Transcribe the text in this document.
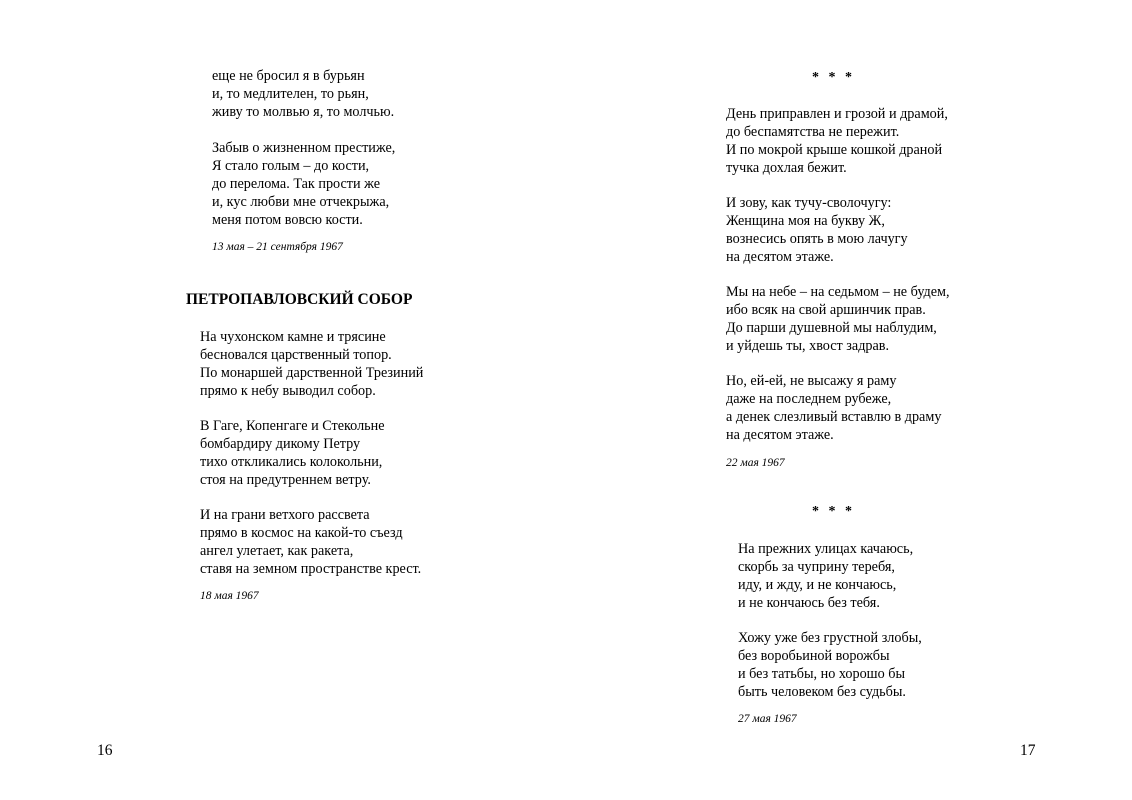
еще не бросил я в бурьян
и, то медлителен, то рьян,
живу то молвью я, то молчью.
Забыв о жизненном престиже,
Я стало голым – до кости,
до перелома. Так прости же
и, кус любви мне отчекрыжа,
меня потом вовсю кости.
13 мая – 21 сентября 1967
ПЕТРОПАВЛОВСКИЙ СОБОР
На чухонском камне и трясине
бесновался царственный топор.
По монаршей дарственной Трезиний
прямо к небу выводил собор.
В Гаге, Копенгаге и Стекольне
бомбардиру дикому Петру
тихо откликались колокольни,
стоя на предутреннем ветру.
И на грани ветхого рассвета
прямо в космос на какой-то съезд
ангел улетает, как ракета,
ставя на земном пространстве крест.
18 мая 1967
16
* * *
День приправлен и грозой и драмой,
до беспамятства не пережит.
И по мокрой крыше кошкой драной
тучка дохлая бежит.
И зову, как тучу-сволочугу:
Женщина моя на букву Ж,
вознесись опять в мою лачугу
на десятом этаже.
Мы на небе – на седьмом – не будем,
ибо всяк на свой аршинчик прав.
До парши душевной мы наблудим,
и уйдешь ты, хвост задрав.
Но, ей-ей, не высажу я раму
даже на последнем рубеже,
а денек слезливый вставлю в драму
на десятом этаже.
22 мая 1967
* * *
На прежних улицах качаюсь,
скорбь за чуприну теребя,
иду, и жду, и не кончаюсь,
и не кончаюсь без тебя.
Хожу уже без грустной злобы,
без воробьиной ворожбы
и без татьбы, но хорошо бы
быть человеком без судьбы.
27 мая 1967
17
